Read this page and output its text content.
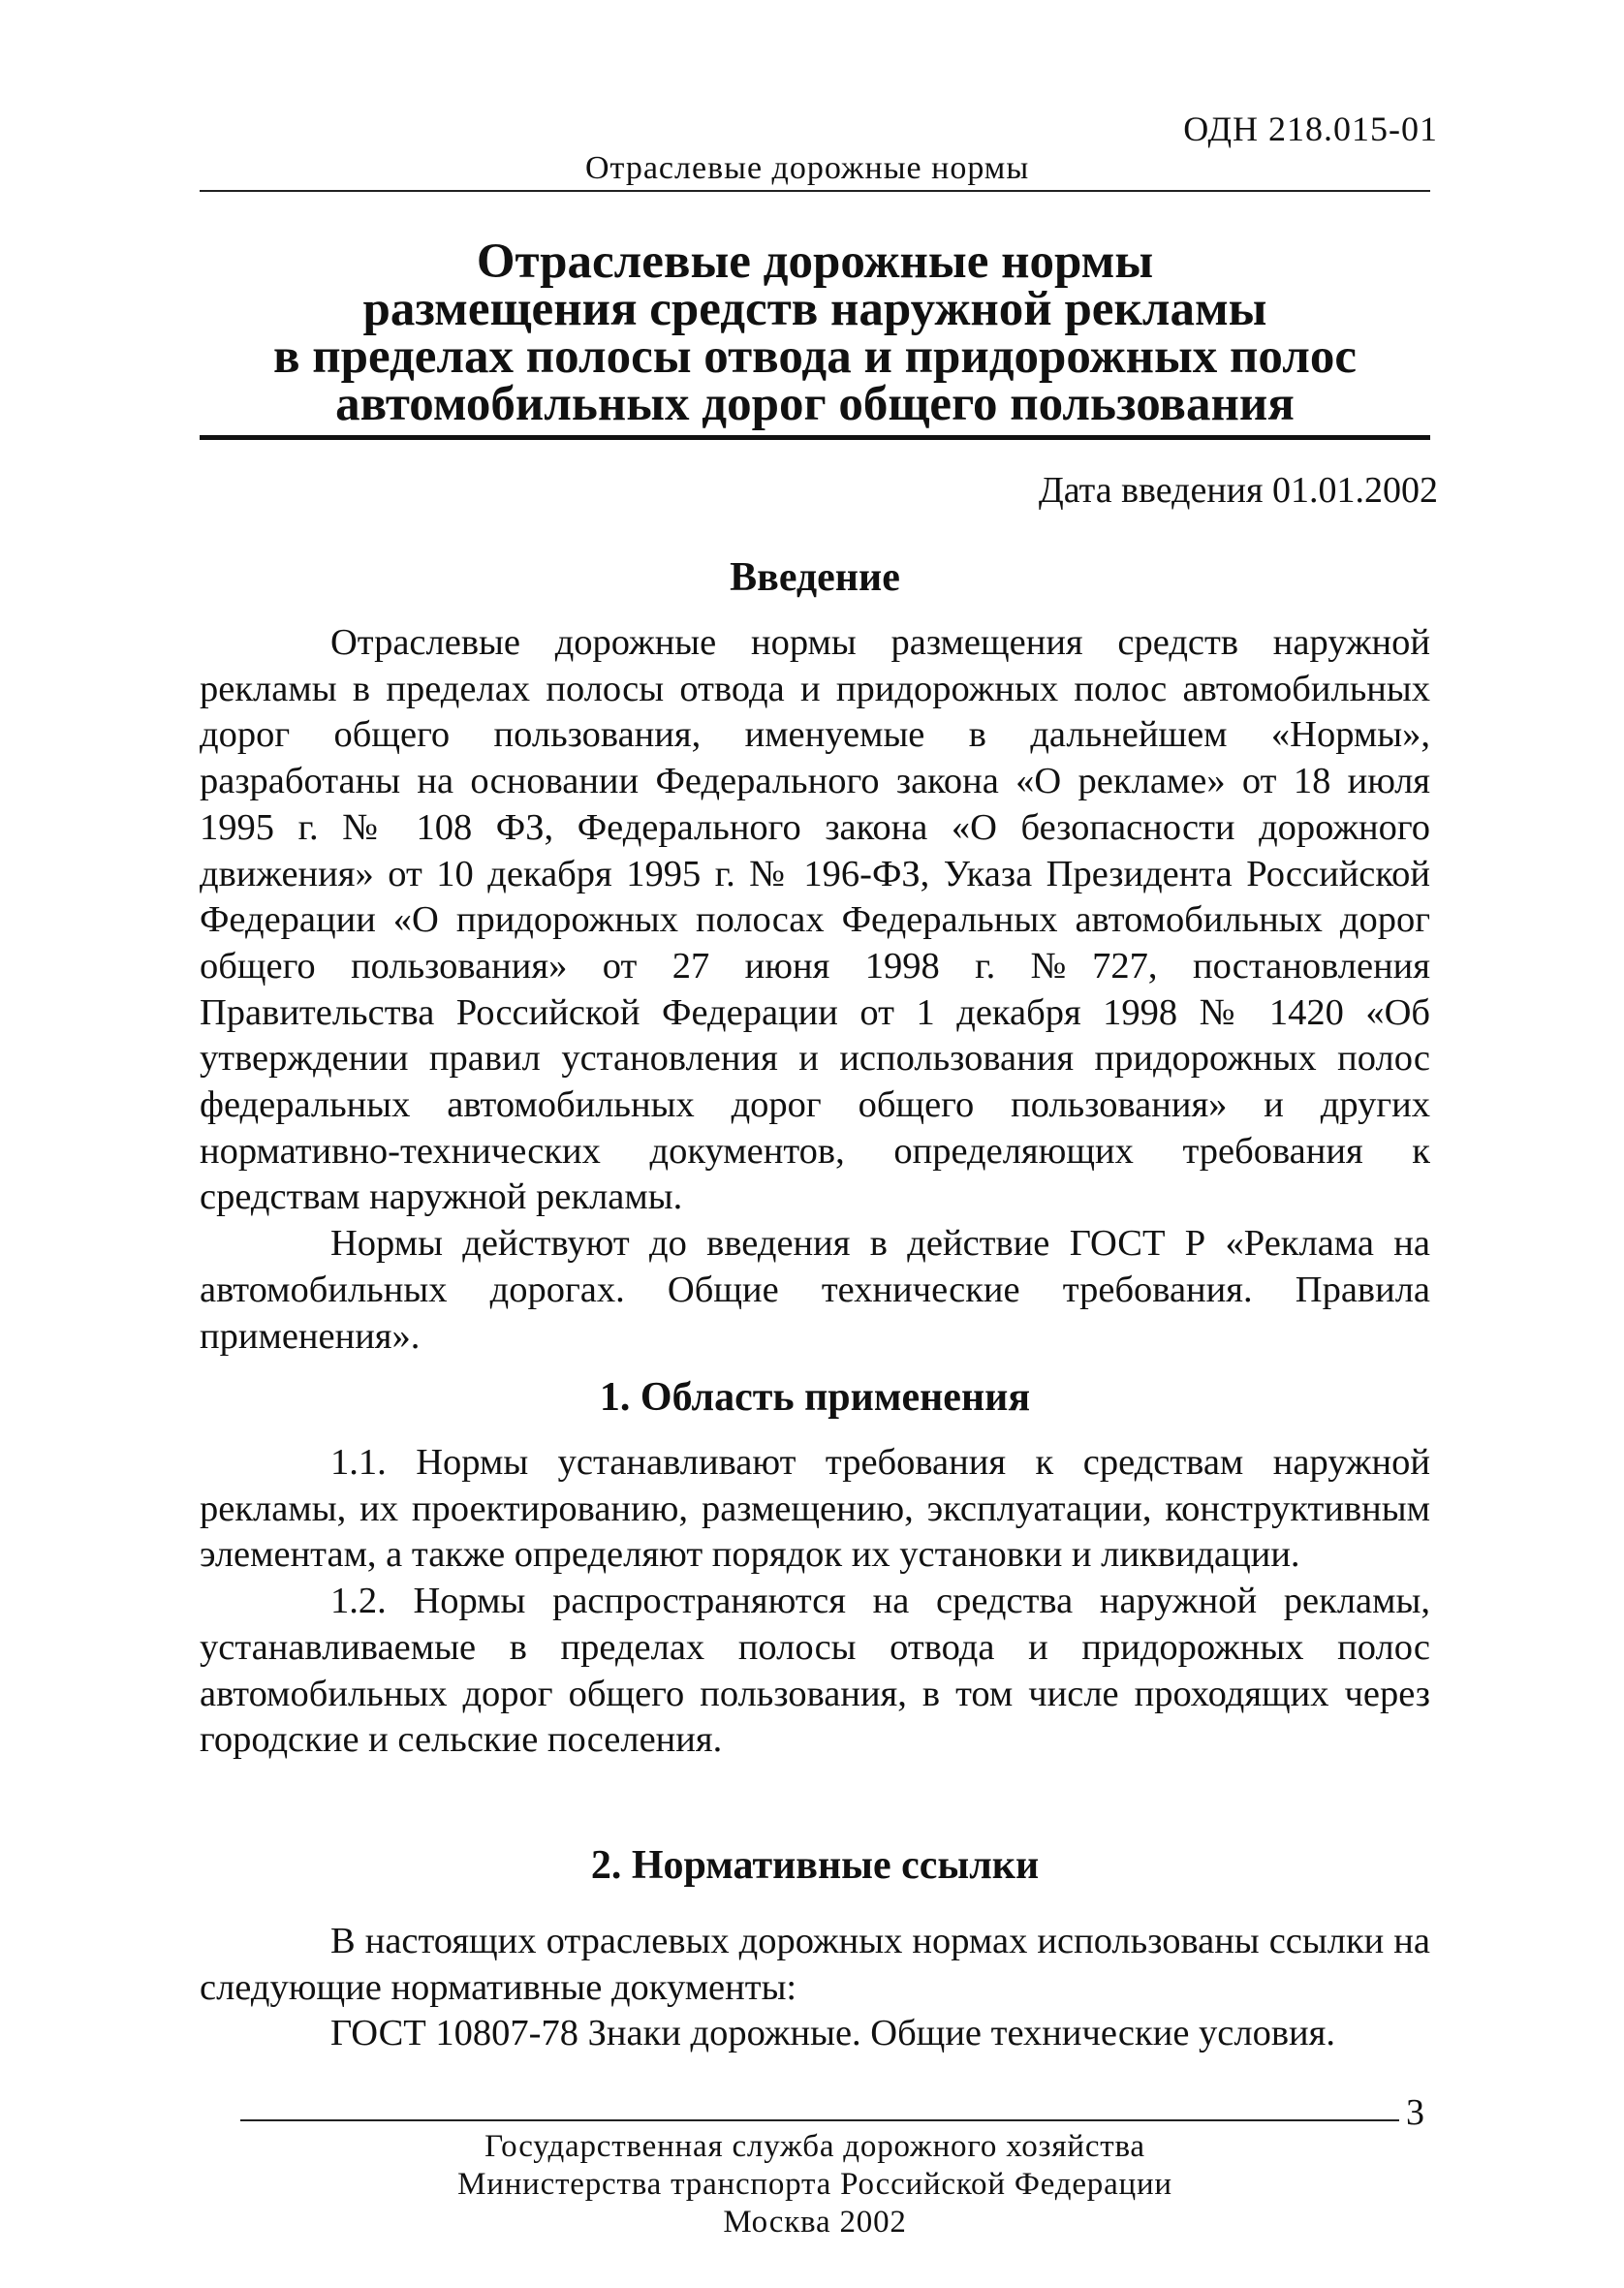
ОДН 218.015-01
Отраслевые дорожные нормы
Отраслевые дорожные нормы
размещения средств наружной рекламы
в пределах полосы отвода и придорожных полос
автомобильных дорог общего пользования
Дата введения 01.01.2002
Введение

Отраслевые дорожные нормы размещения средств наружной рекламы в пределах полосы отвода и придорожных полос автомобильных дорог общего пользования, именуемые в дальнейшем «Нормы», разработаны на основании Федерального закона «О рекламе» от 18 июля 1995 г. № 108 ФЗ, Федерального закона «О безопасности дорожного движения» от 10 декабря 1995 г. № 196-ФЗ, Указа Президента Российской Федерации «О придорожных полосах Федеральных автомобильных дорог общего пользования» от 27 июня 1998 г. №727, постановления Правительства Российской Федерации от 1 декабря 1998 № 1420 «Об утверждении правил установления и использования придорожных полос федеральных автомобильных дорог общего пользования» и других нормативно-технических документов, определяющих требования к средствам наружной рекламы.

Нормы действуют до введения в действие ГОСТ Р «Реклама на автомобильных дорогах. Общие технические требования. Правила применения».

1. Область применения

1.1. Нормы устанавливают требования к средствам наружной рекламы, их проектированию, размещению, эксплуатации, конструктивным элементам, а также определяют порядок их установки и ликвидации.

1.2. Нормы распространяются на средства наружной рекламы, устанавливаемые в пределах полосы отвода и придорожных полос автомобильных дорог общего пользования, в том числе проходящих через городские и сельские поселения.

2. Нормативные ссылки

В настоящих отраслевых дорожных нормах использованы ссылки на следующие нормативные документы:

ГОСТ 10807-78 Знаки дорожные. Общие технические условия.

3
Государственная служба дорожного хозяйства
Министерства транспорта Российской Федерации
Москва 2002
